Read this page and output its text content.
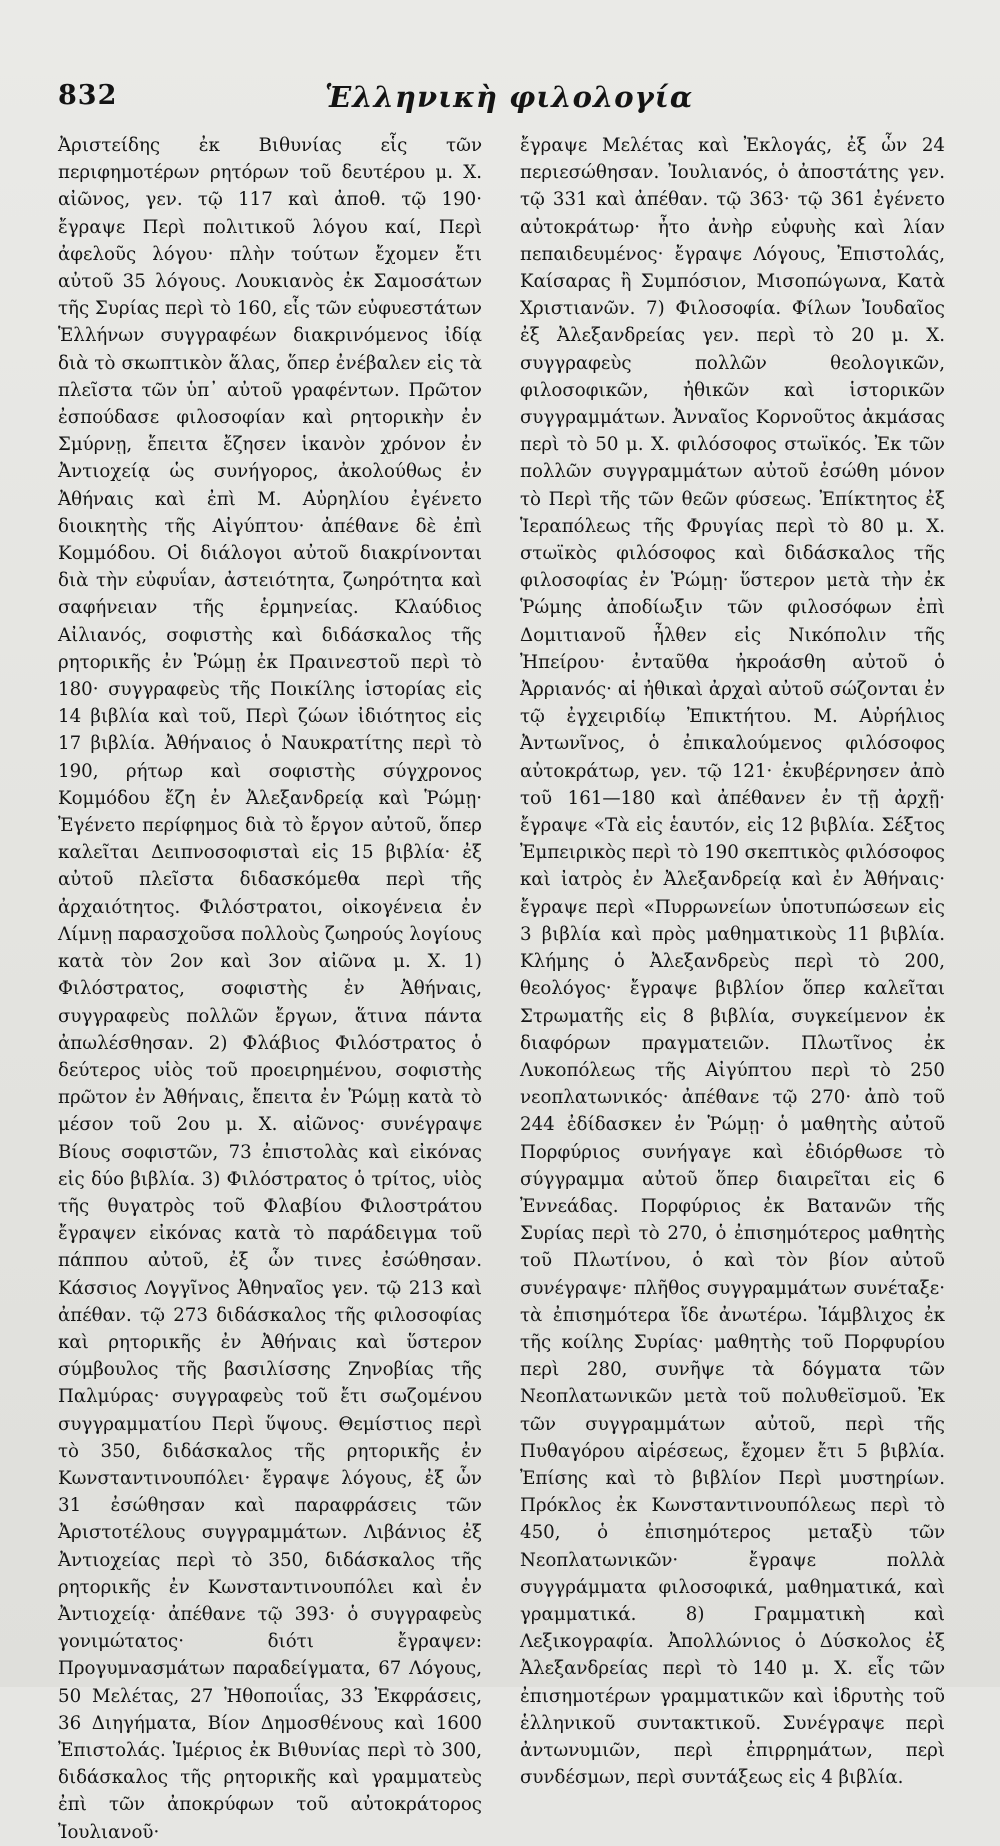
832	Ἑλληνικὴ φιλολογία
Ἀριστείδης ἐκ Βιθυνίας εἷς τῶν περιφημοτέρων ρητόρων τοῦ δευτέρου μ. Χ. αἰῶνος, γεν. τῷ 117 καὶ ἀποθ. τῷ 190· ἔγραψε Περὶ πολιτικοῦ λόγου καί, Περὶ ἀφελοῦς λόγου· πλὴν τούτων ἔχομεν ἔτι αὐτοῦ 35 λόγους. Λουκιανὸς ἐκ Σαμοσάτων τῆς Συρίας περὶ τὸ 160, εἷς τῶν εὐφυεστάτων Ἑλλήνων συγγραφέων διακρινόμενος ἰδίᾳ διὰ τὸ σκωπτικὸν ἅλας, ὅπερ ἐνέβαλεν εἰς τὰ πλεῖστα τῶν ὑπ᾿ αὐτοῦ γραφέντων. Πρῶτον ἐσπούδασε φιλοσοφίαν καὶ ρητορικὴν ἐν Σμύρνῃ, ἔπειτα ἔζησεν ἱκανὸν χρόνον ἐν Ἀντιοχείᾳ ὡς συνήγορος, ἀκολούθως ἐν Ἀθήναις καὶ ἐπὶ Μ. Αὐρηλίου ἐγένετο διοικητὴς τῆς Αἰγύπτου· ἀπέθανε δὲ ἐπὶ Κομμόδου. Οἱ διάλογοι αὐτοῦ διακρίνονται διὰ τὴν εὐφυΐαν, ἀστειότητα, ζωηρότητα καὶ σαφήνειαν τῆς ἑρμηνείας. Κλαύδιος Αἰλιανός, σοφιστὴς καὶ διδάσκαλος τῆς ρητορικῆς ἐν Ῥώμῃ ἐκ Πραινεστοῦ περὶ τὸ 180· συγγραφεὺς τῆς Ποικίλης ἱστορίας εἰς 14 βιβλία καὶ τοῦ, Περὶ ζώων ἰδιότητος εἰς 17 βιβλία. Ἀθήναιος ὁ Ναυκρατίτης περὶ τὸ 190, ρήτωρ καὶ σοφιστὴς σύγχρονος Κομμόδου ἔζη ἐν Ἀλεξανδρείᾳ καὶ Ῥώμῃ· Ἐγένετο περίφημος διὰ τὸ ἔργον αὐτοῦ, ὅπερ καλεῖται Δειπνοσοφισταὶ εἰς 15 βιβλία· ἐξ αὐτοῦ πλεῖστα διδασκόμεθα περὶ τῆς ἀρχαιότητος. Φιλόστρατοι, οἰκογένεια ἐν Λίμνῃ παρασχοῦσα πολλοὺς ζωηρούς λογίους κατὰ τὸν 2ον καὶ 3ον αἰῶνα μ. Χ. 1) Φιλόστρατος, σοφιστὴς ἐν Ἀθήναις, συγγραφεὺς πολλῶν ἔργων, ἅτινα πάντα ἀπωλέσθησαν. 2) Φλάβιος Φιλόστρατος ὁ δεύτερος υἱὸς τοῦ προειρημένου, σοφιστὴς πρῶτον ἐν Ἀθήναις, ἔπειτα ἐν Ῥώμῃ κατὰ τὸ μέσον τοῦ 2ου μ. Χ. αἰῶνος· συνέγραψε Βίους σοφιστῶν, 73 ἐπιστολὰς καὶ εἰκόνας εἰς δύο βιβλία. 3) Φιλόστρατος ὁ τρίτος, υἱὸς τῆς θυγατρὸς τοῦ Φλαβίου Φιλοστράτου ἔγραψεν εἰκόνας κατὰ τὸ παράδειγμα τοῦ πάππου αὐτοῦ, ἐξ ὧν τινες ἐσώθησαν. Κάσσιος Λογγῖνος Ἀθηναῖος γεν. τῷ 213 καὶ ἀπέθαν. τῷ 273 διδάσκαλος τῆς φιλοσοφίας καὶ ρητορικῆς ἐν Ἀθήναις καὶ ὕστερον σύμβουλος τῆς βασιλίσσης Ζηνοβίας τῆς Παλμύρας· συγγραφεὺς τοῦ ἔτι σωζομένου συγγραμματίου Περὶ ὕψους. Θεμίστιος περὶ τὸ 350, διδάσκαλος τῆς ρητορικῆς ἐν Κωνσταντινουπόλει· ἔγραψε λόγους, ἐξ ὧν 31 ἐσώθησαν καὶ παραφράσεις τῶν Ἀριστοτέλους συγγραμμάτων. Λιβάνιος ἐξ Ἀντιοχείας περὶ τὸ 350, διδάσκαλος τῆς ρητορικῆς ἐν Κωνσταντινουπόλει καὶ ἐν Ἀντιοχείᾳ· ἀπέθανε τῷ 393· ὁ συγγραφεὺς γονιμώτατος· διότι ἔγραψεν: Προγυμνασμάτων παραδείγματα, 67 Λόγους, 50 Μελέτας, 27 Ἠθοποιΐας, 33 Ἐκφράσεις, 36 Διηγήματα, Βίον Δημοσθένους καὶ 1600 Ἐπιστολάς. Ἱμέριος ἐκ Βιθυνίας περὶ τὸ 300, διδάσκαλος τῆς ρητορικῆς καὶ γραμματεὺς ἐπὶ τῶν ἀποκρύφων τοῦ αὐτοκράτορος Ἰουλιανοῦ·
ἔγραψε Μελέτας καὶ Ἐκλογάς, ἐξ ὧν 24 περιεσώθησαν. Ἰουλιανός, ὁ ἀποστάτης γεν. τῷ 331 καὶ ἀπέθαν. τῷ 363· τῷ 361 ἐγένετο αὐτοκράτωρ· ἦτο ἀνὴρ εὐφυὴς καὶ λίαν πεπαιδευμένος· ἔγραψε Λόγους, Ἐπιστολάς, Καίσαρας ἢ Συμπόσιον, Μισοπώγωνα, Κατὰ Χριστιανῶν. 7) Φιλοσοφία. Φίλων Ἰουδαῖος ἐξ Ἀλεξανδρείας γεν. περὶ τὸ 20 μ. Χ. συγγραφεὺς πολλῶν θεολογικῶν, φιλοσοφικῶν, ἠθικῶν καὶ ἱστορικῶν συγγραμμάτων. Ἀνναῖος Κορνοῦτος ἀκμάσας περὶ τὸ 50 μ. Χ. φιλόσοφος στωϊκός. Ἐκ τῶν πολλῶν συγγραμμάτων αὐτοῦ ἐσώθη μόνον τὸ Περὶ τῆς τῶν θεῶν φύσεως. Ἐπίκτητος ἐξ Ἱεραπόλεως τῆς Φρυγίας περὶ τὸ 80 μ. Χ. στωϊκὸς φιλόσοφος καὶ διδάσκαλος τῆς φιλοσοφίας ἐν Ῥώμῃ· ὕστερον μετὰ τὴν ἐκ Ῥώμης ἀποδίωξιν τῶν φιλοσόφων ἐπὶ Δομιτιανοῦ ἦλθεν εἰς Νικόπολιν τῆς Ἠπείρου· ἐνταῦθα ἠκροάσθη αὐτοῦ ὁ Ἀρριανός· αἱ ἠθικαὶ ἀρχαὶ αὐτοῦ σώζονται ἐν τῷ ἐγχειριδίῳ Ἐπικτήτου. Μ. Αὐρήλιος Ἀντωνῖνος, ὁ ἐπικαλούμενος φιλόσοφος αὐτοκράτωρ, γεν. τῷ 121· ἐκυβέρνησεν ἀπὸ τοῦ 161—180 καὶ ἀπέθανεν ἐν τῇ ἀρχῇ· ἔγραψε «Τὰ εἰς ἑαυτόν, εἰς 12 βιβλία. Σέξτος Ἐμπειρικὸς περὶ τὸ 190 σκεπτικὸς φιλόσοφος καὶ ἰατρὸς ἐν Ἀλεξανδρείᾳ καὶ ἐν Ἀθήναις· ἔγραψε περὶ «Πυρρωνείων ὑποτυπώσεων εἰς 3 βιβλία καὶ πρὸς μαθηματικοὺς 11 βιβλία. Κλήμης ὁ Ἀλεξανδρεὺς περὶ τὸ 200, θεολόγος· ἔγραψε βιβλίον ὅπερ καλεῖται Στρωματῆς εἰς 8 βιβλία, συγκείμενον ἐκ διαφόρων πραγματειῶν. Πλωτῖνος ἐκ Λυκοπόλεως τῆς Αἰγύπτου περὶ τὸ 250 νεοπλατωνικός· ἀπέθανε τῷ 270· ἀπὸ τοῦ 244 ἐδίδασκεν ἐν Ῥώμῃ· ὁ μαθητὴς αὐτοῦ Πορφύριος συνήγαγε καὶ ἐδιόρθωσε τὸ σύγγραμμα αὐτοῦ ὅπερ διαιρεῖται εἰς 6 Ἐννεάδας. Πορφύριος ἐκ Βατανῶν τῆς Συρίας περὶ τὸ 270, ὁ ἐπισημότερος μαθητὴς τοῦ Πλωτίνου, ὁ καὶ τὸν βίον αὐτοῦ συνέγραψε· πλῆθος συγγραμμάτων συνέταξε· τὰ ἐπισημότερα ἴδε ἀνωτέρω. Ἰάμβλιχος ἐκ τῆς κοίλης Συρίας· μαθητὴς τοῦ Πορφυρίου περὶ 280, συνῆψε τὰ δόγματα τῶν Νεοπλατωνικῶν μετὰ τοῦ πολυθεϊσμοῦ. Ἐκ τῶν συγγραμμάτων αὐτοῦ, περὶ τῆς Πυθαγόρου αἱρέσεως, ἔχομεν ἔτι 5 βιβλία. Ἐπίσης καὶ τὸ βιβλίον Περὶ μυστηρίων. Πρόκλος ἐκ Κωνσταντινουπόλεως περὶ τὸ 450, ὁ ἐπισημότερος μεταξὺ τῶν Νεοπλατωνικῶν· ἔγραψε πολλὰ συγγράμματα φιλοσοφικά, μαθηματικά, καὶ γραμματικά. 8) Γραμματικὴ καὶ Λεξικογραφία. Ἀπολλώνιος ὁ Δύσκολος ἐξ Ἀλεξανδρείας περὶ τὸ 140 μ. Χ. εἷς τῶν ἐπισημοτέρων γραμματικῶν καὶ ἱδρυτὴς τοῦ ἑλληνικοῦ συντακτικοῦ. Συνέγραψε περὶ ἀντωνυμιῶν, περὶ ἐπιρρημάτων, περὶ συνδέσμων, περὶ συντάξεως εἰς 4 βιβλία.
